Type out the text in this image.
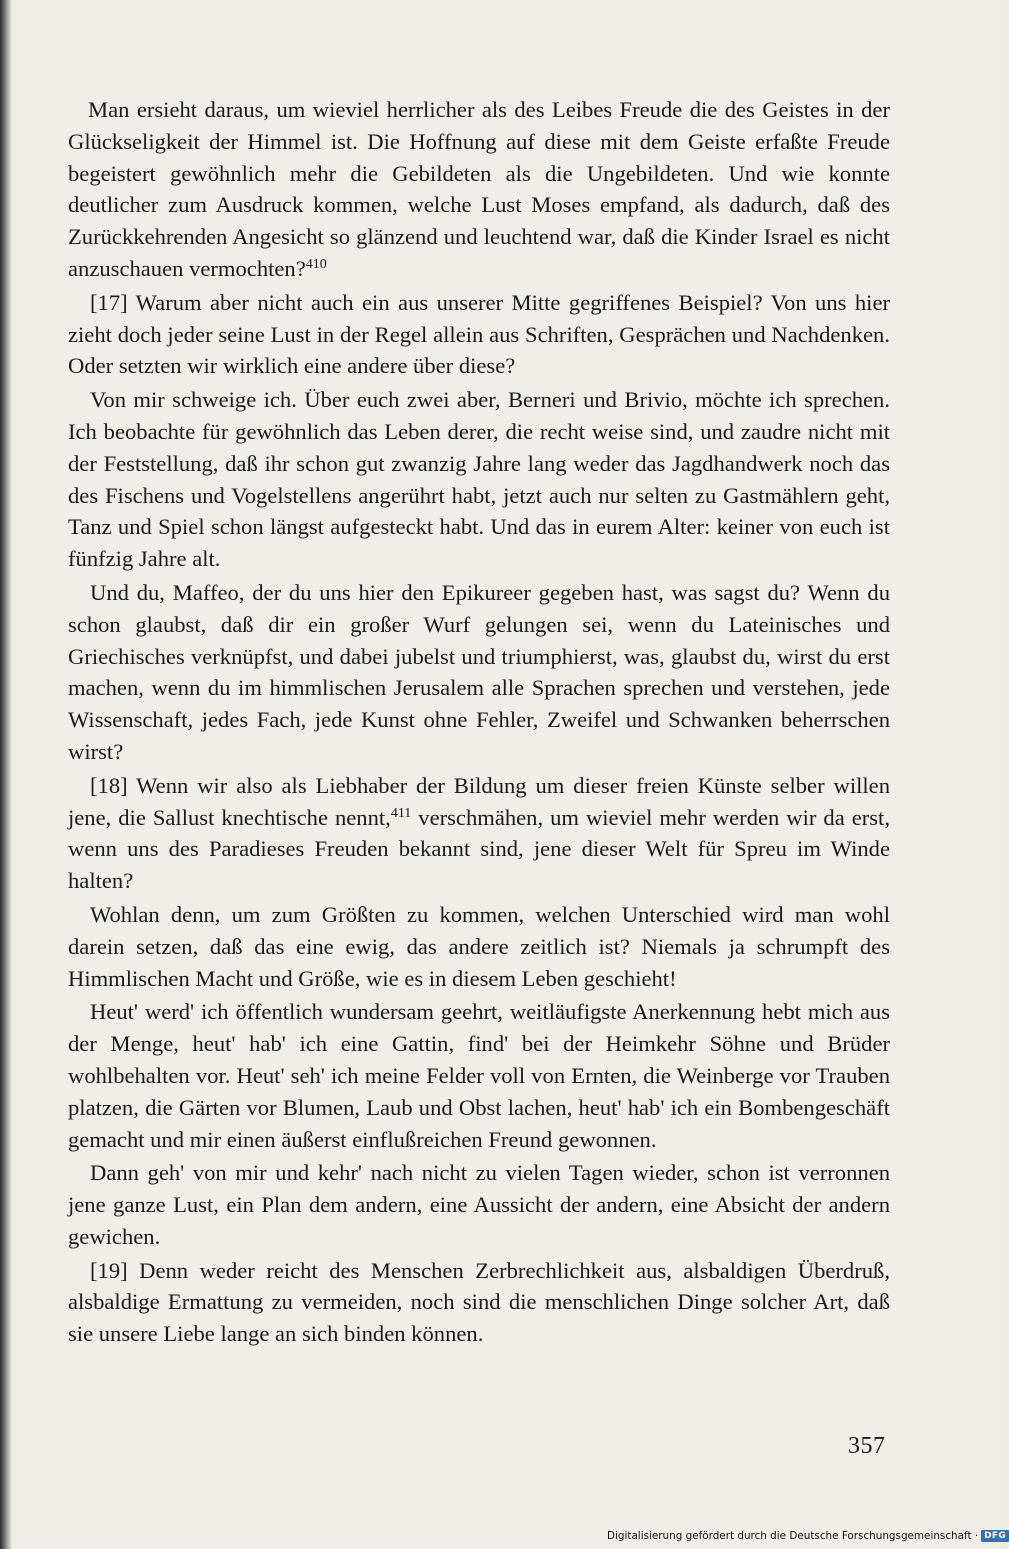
Man ersieht daraus, um wieviel herrlicher als des Leibes Freude die des Geistes in der Glückseligkeit der Himmel ist. Die Hoffnung auf diese mit dem Geiste erfaßte Freude begeistert gewöhnlich mehr die Gebildeten als die Ungebildeten. Und wie konnte deutlicher zum Ausdruck kommen, welche Lust Moses empfand, als dadurch, daß des Zurückkehrenden Angesicht so glänzend und leuchtend war, daß die Kinder Israel es nicht anzuschauen vermochten?$^{410}$

[17] Warum aber nicht auch ein aus unserer Mitte gegriffenes Beispiel? Von uns hier zieht doch jeder seine Lust in der Regel allein aus Schriften, Gesprächen und Nachdenken. Oder setzten wir wirklich eine andere über diese?

Von mir schweige ich. Über euch zwei aber, Berneri und Brivio, möchte ich sprechen. Ich beobachte für gewöhnlich das Leben derer, die recht weise sind, und zaudre nicht mit der Feststellung, daß ihr schon gut zwanzig Jahre lang weder das Jagdhandwerk noch das des Fischens und Vogelstellens angerührt habt, jetzt auch nur selten zu Gastmählern geht, Tanz und Spiel schon längst aufgesteckt habt. Und das in eurem Alter: keiner von euch ist fünfzig Jahre alt.

Und du, Maffeo, der du uns hier den Epikureer gegeben hast, was sagst du? Wenn du schon glaubst, daß dir ein großer Wurf gelungen sei, wenn du Lateinisches und Griechisches verknüpfst, und dabei jubelst und triumphierst, was, glaubst du, wirst du erst machen, wenn du im himmlischen Jerusalem alle Sprachen sprechen und verstehen, jede Wissenschaft, jedes Fach, jede Kunst ohne Fehler, Zweifel und Schwanken beherrschen wirst?

[18] Wenn wir also als Liebhaber der Bildung um dieser freien Künste selber willen jene, die Sallust knechtische nennt,$^{411}$ verschmähen, um wieviel mehr werden wir da erst, wenn uns des Paradieses Freuden bekannt sind, jene dieser Welt für Spreu im Winde halten?

Wohlan denn, um zum Größten zu kommen, welchen Unterschied wird man wohl darein setzen, daß das eine ewig, das andere zeitlich ist? Niemals ja schrumpft des Himmlischen Macht und Größe, wie es in diesem Leben geschieht!

Heut' werd' ich öffentlich wundersam geehrt, weitläufigste Anerkennung hebt mich aus der Menge, heut' hab' ich eine Gattin, find' bei der Heimkehr Söhne und Brüder wohlbehalten vor. Heut' seh' ich meine Felder voll von Ernten, die Weinberge vor Trauben platzen, die Gärten vor Blumen, Laub und Obst lachen, heut' hab' ich ein Bombengeschäft gemacht und mir einen äußerst einflußreichen Freund gewonnen.

Dann geh' von mir und kehr' nach nicht zu vielen Tagen wieder, schon ist verronnen jene ganze Lust, ein Plan dem andern, eine Aussicht der andern, eine Absicht der andern gewichen.

[19] Denn weder reicht des Menschen Zerbrechlichkeit aus, alsbaldigen Überdruß, alsbaldige Ermattung zu vermeiden, noch sind die menschlichen Dinge solcher Art, daß sie unsere Liebe lange an sich binden können.

357
Digitalisierung gefördert durch die Deutsche Forschungsgemeinschaft · DFG
